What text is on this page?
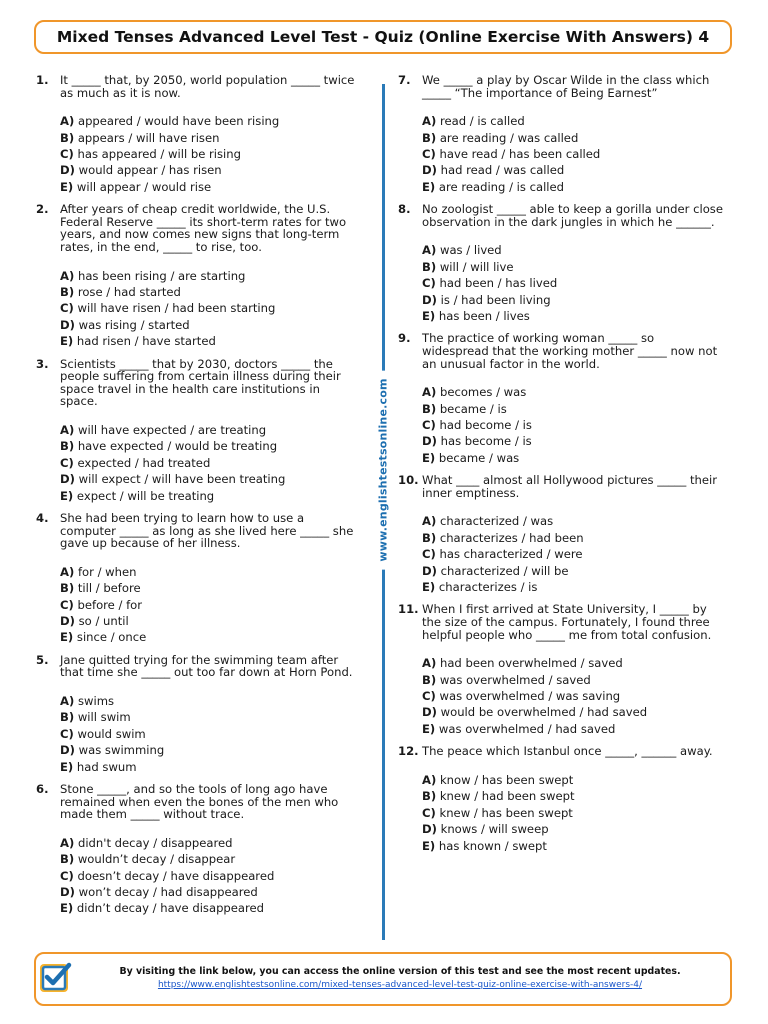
Mixed Tenses Advanced Level Test - Quiz (Online Exercise With Answers) 4
1. It _____ that, by 2050, world population _____ twice as much as it is now.
A) appeared / would have been rising
B) appears / will have risen
C) has appeared / will be rising
D) would appear / has risen
E) will appear / would rise
2. After years of cheap credit worldwide, the U.S. Federal Reserve _____ its short-term rates for two years, and now comes new signs that long-term rates, in the end, _____ to rise, too.
A) has been rising / are starting
B) rose / had started
C) will have risen / had been starting
D) was rising / started
E) had risen / have started
3. Scientists _____ that by 2030, doctors _____ the people suffering from certain illness during their space travel in the health care institutions in space.
A) will have expected / are treating
B) have expected / would be treating
C) expected / had treated
D) will expect / will have been treating
E) expect / will be treating
4. She had been trying to learn how to use a computer _____ as long as she lived here _____ she gave up because of her illness.
A) for / when
B) till / before
C) before / for
D) so / until
E) since / once
5. Jane quitted trying for the swimming team after that time she _____ out too far down at Horn Pond.
A) swims
B) will swim
C) would swim
D) was swimming
E) had swum
6. Stone _____, and so the tools of long ago have remained when even the bones of the men who made them _____ without trace.
A) didn't decay / disappeared
B) wouldn’t decay / disappear
C) doesn’t decay / have disappeared
D) won’t decay / had disappeared
E) didn’t decay / have disappeared
7. We _____ a play by Oscar Wilde in the class which _____ “The importance of Being Earnest”
A) read / is called
B) are reading / was called
C) have read / has been called
D) had read / was called
E) are reading / is called
8. No zoologist _____ able to keep a gorilla under close observation in the dark jungles in which he ______.
A) was / lived
B) will / will live
C) had been / has lived
D) is / had been living
E) has been / lives
9. The practice of working woman _____ so widespread that the working mother _____ now not an unusual factor in the world.
A) becomes / was
B) became / is
C) had become / is
D) has become / is
E) became / was
10. What ____ almost all Hollywood pictures _____ their inner emptiness.
A) characterized / was
B) characterizes / had been
C) has characterized / were
D) characterized / will be
E) characterizes / is
11. When I first arrived at State University, I _____ by the size of the campus. Fortunately, I found three helpful people who _____ me from total confusion.
A) had been overwhelmed / saved
B) was overwhelmed / saved
C) was overwhelmed / was saving
D) would be overwhelmed / had saved
E) was overwhelmed / had saved
12. The peace which Istanbul once _____, ______ away.
A) know / has been swept
B) knew / had been swept
C) knew / has been swept
D) knows / will sweep
E) has known / swept
www.englishtestsonline.com
By visiting the link below, you can access the online version of this test and see the most recent updates.
https://www.englishtestsonline.com/mixed-tenses-advanced-level-test-quiz-online-exercise-with-answers-4/
